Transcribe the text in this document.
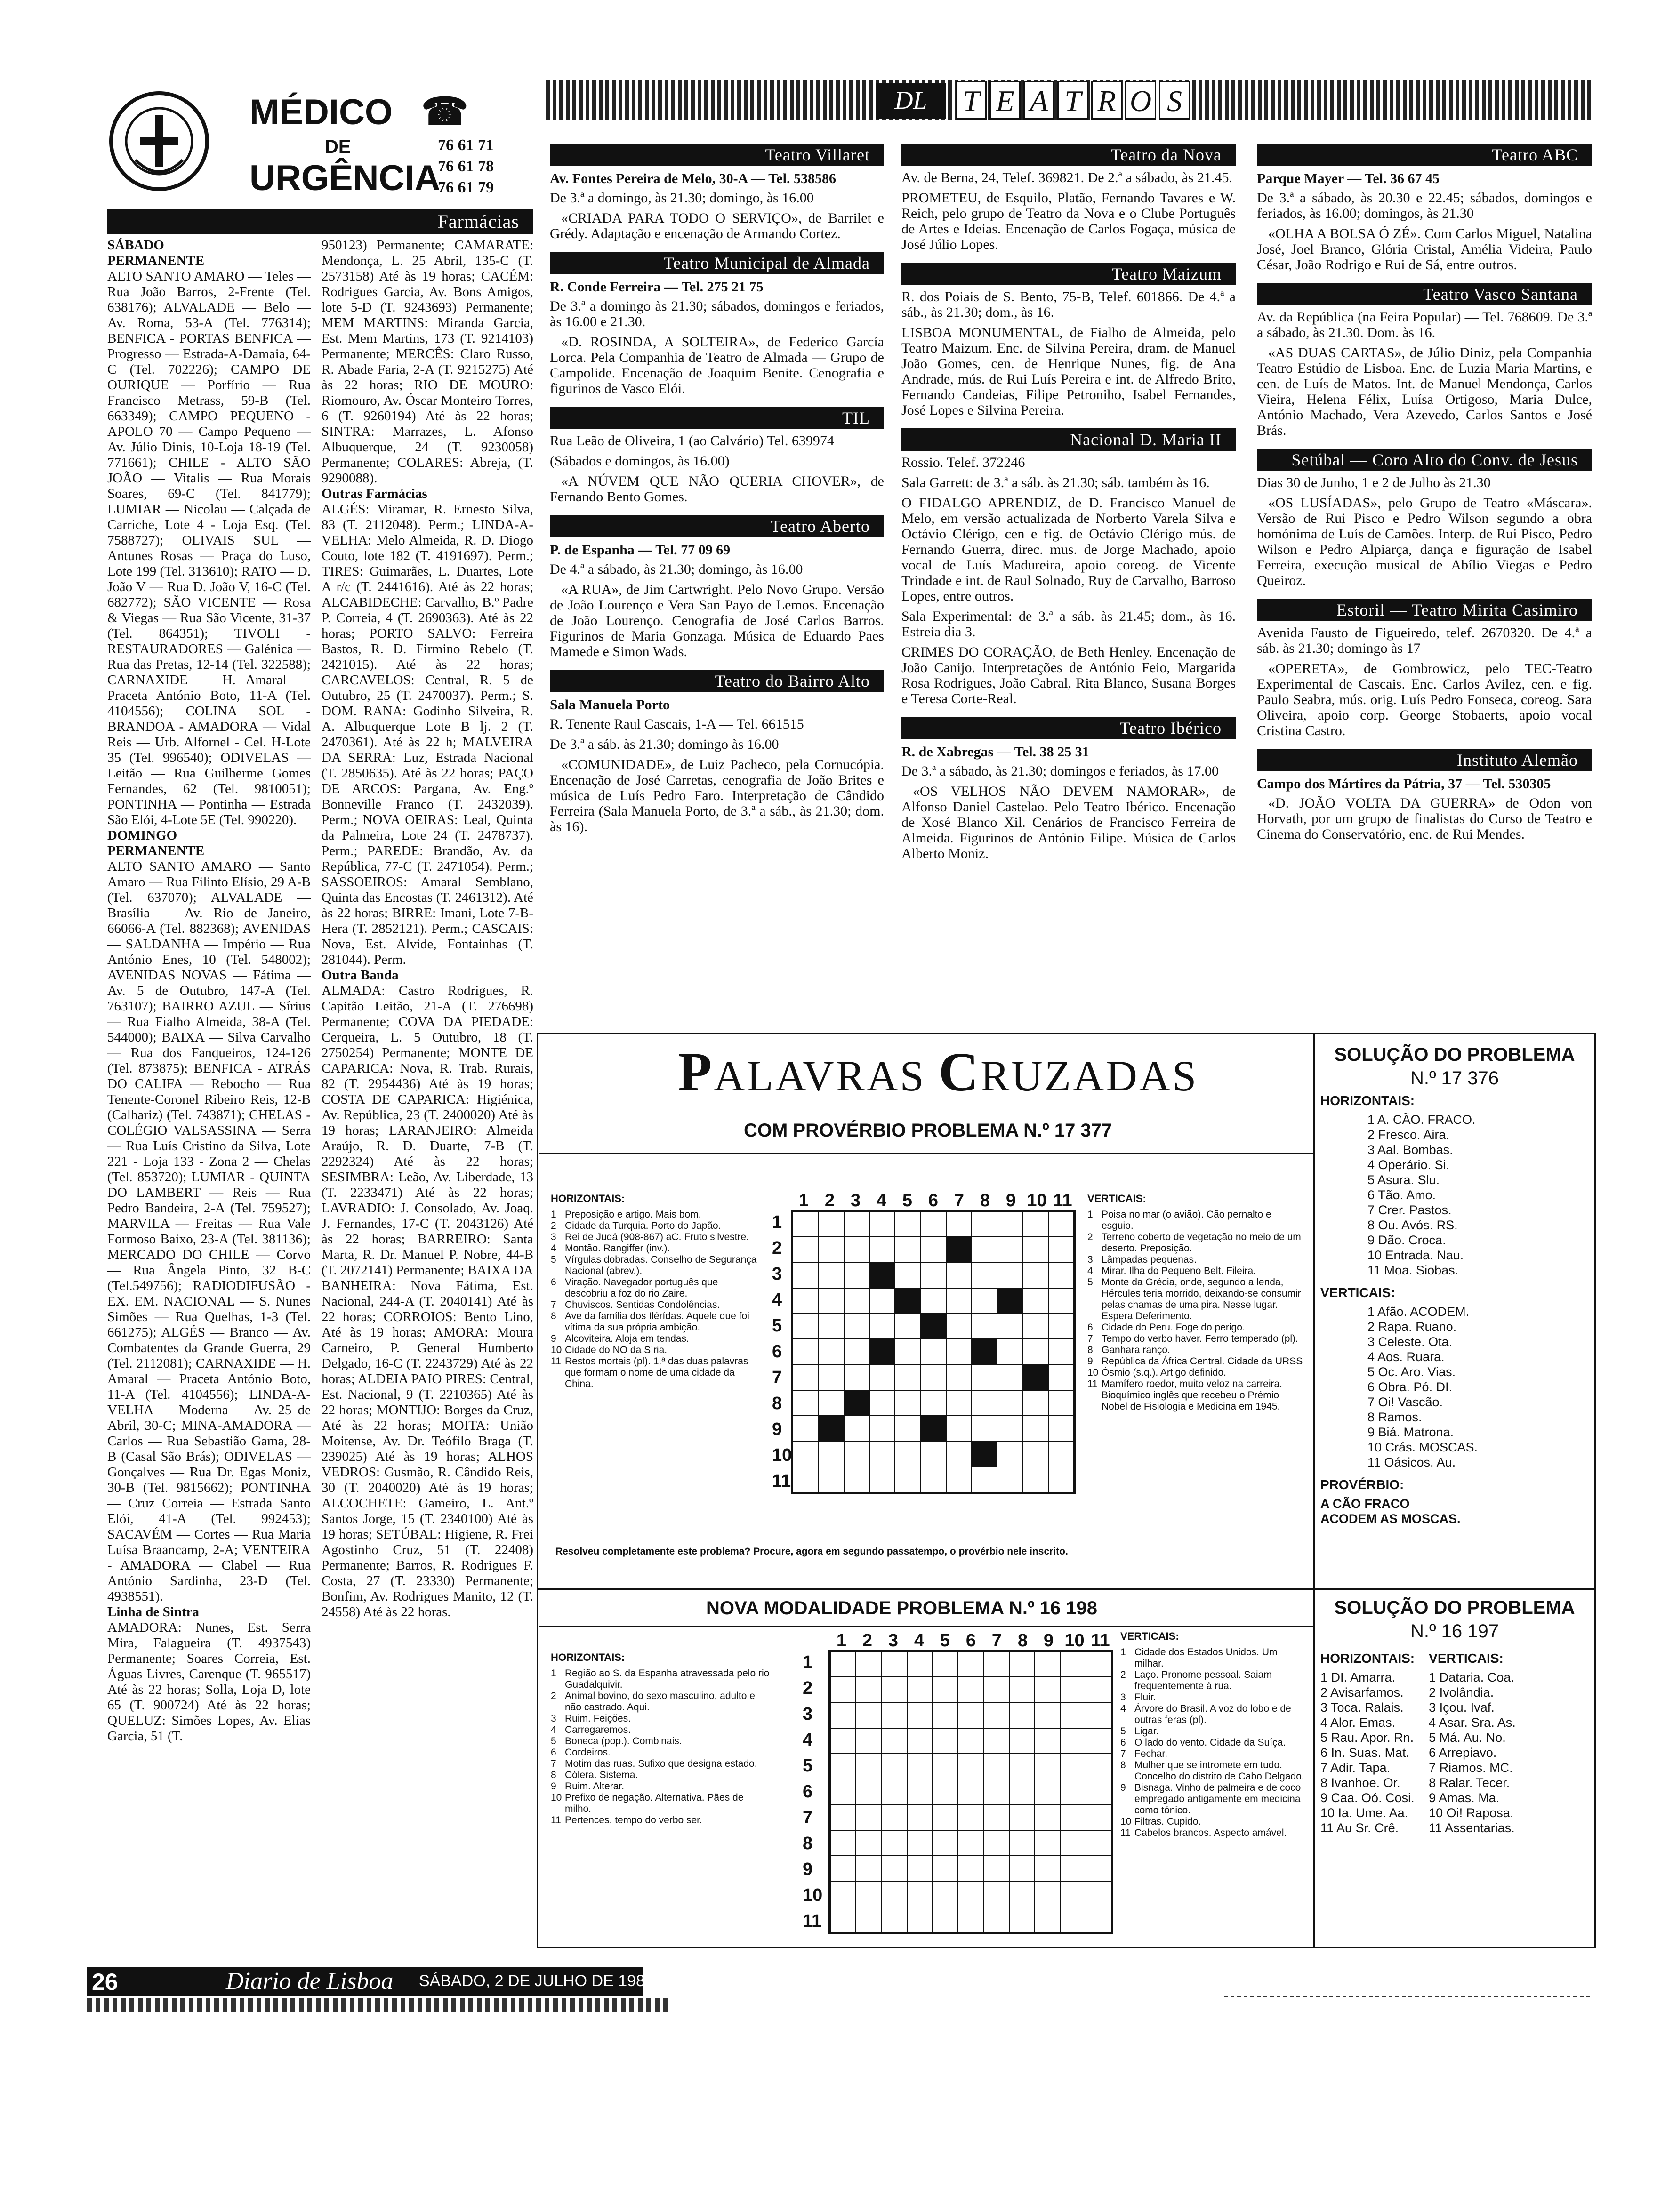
MÉDICO ☎
DE	76 61 71
URGÊNCIA
76 61 78
76 61 79
Farmácias

SÁBADO

PERMANENTE

ALTO SANTO AMARO — Teles — Rua João Barros, 2-Frente (Tel. 638176); ALVALADE — Belo — Av. Roma, 53-A (Tel. 776314); BENFICA - PORTAS BENFICA — Progresso — Estrada-A-Damaia, 64-C (Tel. 702226); CAMPO DE OURIQUE — Porfírio — Rua Francisco Metrass, 59-B (Tel. 663349); CAMPO PEQUENO - APOLO 70 — Campo Pequeno — Av. Júlio Dinis, 10-Loja 18-19 (Tel. 771661); CHILE - ALTO SÃO JOÃO — Vitalis — Rua Morais Soares, 69-C (Tel. 841779); LUMIAR — Nicolau — Calçada de Carriche, Lote 4 - Loja Esq. (Tel. 7588727); OLIVAIS SUL — Antunes Rosas — Praça do Luso, Lote 199 (Tel. 313610); RATO — D. João V — Rua D. João V, 16-C (Tel. 682772); SÃO VICENTE — Rosa & Viegas — Rua São Vicente, 31-37 (Tel. 864351); TIVOLI - RESTAURADORES — Galénica — Rua das Pretas, 12-14 (Tel. 322588); CARNAXIDE — H. Amaral — Praceta António Boto, 11-A (Tel. 4104556); COLINA SOL - BRANDOA - AMADORA — Vidal Reis — Urb. Alfornel - Cel. H-Lote 35 (Tel. 996540); ODIVELAS — Leitão — Rua Guilherme Gomes Fernandes, 62 (Tel. 9810051); PONTINHA — Pontinha — Estrada São Elói, 4-Lote 5E (Tel. 990220).

DOMINGO

PERMANENTE

ALTO SANTO AMARO — Santo Amaro — Rua Filinto Elísio, 29 A-B (Tel. 637070); ALVALADE — Brasília — Av. Rio de Janeiro, 66066-A (Tel. 882368); AVENIDAS — SALDANHA — Império — Rua António Enes, 10 (Tel. 548002); AVENIDAS NOVAS — Fátima — Av. 5 de Outubro, 147-A (Tel. 763107); BAIRRO AZUL — Sírius — Rua Fialho Almeida, 38-A (Tel. 544000); BAIXA — Silva Carvalho — Rua dos Fanqueiros, 124-126 (Tel. 873875); BENFICA - ATRÁS DO CALIFA — Rebocho — Rua Tenente-Coronel Ribeiro Reis, 12-B (Calhariz) (Tel. 743871); CHELAS - COLÉGIO VALSASSINA — Serra — Rua Luís Cristino da Silva, Lote 221 - Loja 133 - Zona 2 — Chelas (Tel. 853720); LUMIAR - QUINTA DO LAMBERT — Reis — Rua Pedro Bandeira, 2-A (Tel. 759527); MARVILA — Freitas — Rua Vale Formoso Baixo, 23-A (Tel. 381136); MERCADO DO CHILE — Corvo — Rua Ângela Pinto, 32 B-C (Tel.549756); RADIODIFUSÃO - EX. EM. NACIONAL — S. Nunes Simões — Rua Quelhas, 1-3 (Tel. 661275); ALGÉS — Branco — Av. Combatentes da Grande Guerra, 29 (Tel. 2112081); CARNAXIDE — H. Amaral — Praceta António Boto, 11-A (Tel. 4104556); LINDA-A-VELHA — Moderna — Av. 25 de Abril, 30-C; MINA-AMADORA — Carlos — Rua Sebastião Gama, 28-B (Casal São Brás); ODIVELAS — Gonçalves — Rua Dr. Egas Moniz, 30-B (Tel. 9815662); PONTINHA — Cruz Correia — Estrada Santo Elói, 41-A (Tel. 992453); SACAVÉM — Cortes — Rua Maria Luísa Braancamp, 2-A; VENTEIRA - AMADORA — Clabel — Rua António Sardinha, 23-D (Tel. 4938551).

Linha de Sintra

AMADORA: Nunes, Est. Serra Mira, Falagueira (T. 4937543) Permanente; Soares Correia, Est. Águas Livres, Carenque (T. 965517) Até às 22 horas; Solla, Loja D, lote 65 (T. 900724) Até às 22 horas; QUELUZ: Simões Lopes, Av. Elias Garcia, 51 (T.

950123) Permanente; CAMARATE: Mendonça, L. 25 Abril, 135-C (T. 2573158) Até às 19 horas; CACÉM: Rodrigues Garcia, Av. Bons Amigos, lote 5-D (T. 9243693) Permanente; MEM MARTINS: Miranda Garcia, Est. Mem Martins, 173 (T. 9214103) Permanente; MERCÊS: Claro Russo, R. Abade Faria, 2-A (T. 9215275) Até às 22 horas; RIO DE MOURO: Riomouro, Av. Óscar Monteiro Torres, 6 (T. 9260194) Até às 22 horas; SINTRA: Marrazes, L. Afonso Albuquerque, 24 (T. 9230058) Permanente; COLARES: Abreja, (T. 9290088).

Outras Farmácias

ALGÉS: Miramar, R. Ernesto Silva, 83 (T. 2112048). Perm.; LINDA-A-VELHA: Melo Almeida, R. D. Diogo Couto, lote 182 (T. 4191697). Perm.; TIRES: Guimarães, L. Duartes, Lote A r/c (T. 2441616). Até às 22 horas; ALCABIDECHE: Carvalho, B.º Padre P. Correia, 4 (T. 2690363). Até às 22 horas; PORTO SALVO: Ferreira Bastos, R. D. Firmino Rebelo (T. 2421015). Até às 22 horas; CARCAVELOS: Central, R. 5 de Outubro, 25 (T. 2470037). Perm.; S. DOM. RANA: Godinho Silveira, R. A. Albuquerque Lote B lj. 2 (T. 2470361). Até às 22 h; MALVEIRA DA SERRA: Luz, Estrada Nacional (T. 2850635). Até às 22 horas; PAÇO DE ARCOS: Pargana, Av. Eng.º Bonneville Franco (T. 2432039). Perm.; NOVA OEIRAS: Leal, Quinta da Palmeira, Lote 24 (T. 2478737). Perm.; PAREDE: Brandão, Av. da República, 77-C (T. 2471054). Perm.; SASSOEIROS: Amaral Semblano, Quinta das Encostas (T. 2461312). Até às 22 horas; BIRRE: Imani, Lote 7-B-Hera (T. 2852121). Perm.; CASCAIS: Nova, Est. Alvide, Fontainhas (T. 281044). Perm.

Outra Banda

ALMADA: Castro Rodrigues, R. Capitão Leitão, 21-A (T. 276698) Permanente; COVA DA PIEDADE: Cerqueira, L. 5 Outubro, 18 (T. 2750254) Permanente; MONTE DE CAPARICA: Nova, R. Trab. Rurais, 82 (T. 2954436) Até às 19 horas; COSTA DE CAPARICA: Higiénica, Av. República, 23 (T. 2400020) Até às 19 horas; LARANJEIRO: Almeida Araújo, R. D. Duarte, 7-B (T. 2292324) Até às 22 horas; SESIMBRA: Leão, Av. Liberdade, 13 (T. 2233471) Até às 22 horas; LAVRADIO: J. Consolado, Av. Joaq. J. Fernandes, 17-C (T. 2043126) Até às 22 horas; BARREIRO: Santa Marta, R. Dr. Manuel P. Nobre, 44-B (T. 2072141) Permanente; BAIXA DA BANHEIRA: Nova Fátima, Est. Nacional, 244-A (T. 2040141) Até às 22 horas; CORROIOS: Bento Lino, Até às 19 horas; AMORA: Moura Carneiro, P. General Humberto Delgado, 16-C (T. 2243729) Até às 22 horas; ALDEIA PAIO PIRES: Central, Est. Nacional, 9 (T. 2210365) Até às 22 horas; MONTIJO: Borges da Cruz, Até às 22 horas; MOITA: União Moitense, Av. Dr. Teófilo Braga (T. 239025) Até às 19 horas; ALHOS VEDROS: Gusmão, R. Cândido Reis, 30 (T. 2040020) Até às 19 horas; ALCOCHETE: Gameiro, L. Ant.º Santos Jorge, 15 (T. 2340100) Até às 19 horas; SETÚBAL: Higiene, R. Frei Agostinho Cruz, 51 (T. 22408) Permanente; Barros, R. Rodrigues F. Costa, 27 (T. 23330) Permanente; Bonfim, Av. Rodrigues Manito, 12 (T. 24558) Até às 22 horas.

DL	T E A T R O S
Teatro Villaret
Av. Fontes Pereira de Melo, 30-A — Tel. 538586

De 3.ª a domingo, às 21.30; domingo, às 16.00

«CRIADA PARA TODO O SERVIÇO», de Barrilet e Grédy. Adaptação e encenação de Armando Cortez.

Teatro Municipal de Almada
R. Conde Ferreira — Tel. 275 21 75

De 3.ª a domingo às 21.30; sábados, domingos e feriados, às 16.00 e 21.30.

«D. ROSINDA, A SOLTEIRA», de Federico García Lorca. Pela Companhia de Teatro de Almada — Grupo de Campolide. Encenação de Joaquim Benite. Cenografia e figurinos de Vasco Elói.

TIL

Rua Leão de Oliveira, 1 (ao Calvário) Tel. 639974

(Sábados e domingos, às 16.00)

«A NÚVEM QUE NÃO QUERIA CHOVER», de Fernando Bento Gomes.

Teatro Aberto
P. de Espanha — Tel. 77 09 69

De 4.ª a sábado, às 21.30; domingo, às 16.00

«A RUA», de Jim Cartwright. Pelo Novo Grupo. Versão de João Lourenço e Vera San Payo de Lemos. Encenação de João Lourenço. Cenografia de José Carlos Barros. Figurinos de Maria Gonzaga. Música de Eduardo Paes Mamede e Simon Wads.

Teatro do Bairro Alto
Sala Manuela Porto

R. Tenente Raul Cascais, 1-A — Tel. 661515

De 3.ª a sáb. às 21.30; domingo às 16.00

«COMUNIDADE», de Luiz Pacheco, pela Cornucópia. Encenação de José Carretas, cenografia de João Brites e música de Luís Pedro Faro. Interpretação de Cândido Ferreira (Sala Manuela Porto, de 3.ª a sáb., às 21.30; dom. às 16).

Teatro da Nova

Av. de Berna, 24, Telef. 369821. De 2.ª a sábado, às 21.45.

PROMETEU, de Esquilo, Platão, Fernando Tavares e W. Reich, pelo grupo de Teatro da Nova e o Clube Português de Artes e Ideias. Encenação de Carlos Fogaça, música de José Júlio Lopes.

Teatro Maizum

R. dos Poiais de S. Bento, 75-B, Telef. 601866. De 4.ª a sáb., às 21.30; dom., às 16.

LISBOA MONUMENTAL, de Fialho de Almeida, pelo Teatro Maizum. Enc. de Silvina Pereira, dram. de Manuel João Gomes, cen. de Henrique Nunes, fig. de Ana Andrade, mús. de Rui Luís Pereira e int. de Alfredo Brito, Fernando Candeias, Filipe Petroniho, Isabel Fernandes, José Lopes e Silvina Pereira.

Nacional D. Maria II

Rossio. Telef. 372246

Sala Garrett: de 3.ª a sáb. às 21.30; sáb. também às 16.

O FIDALGO APRENDIZ, de D. Francisco Manuel de Melo, em versão actualizada de Norberto Varela Silva e Octávio Clérigo, cen e fig. de Octávio Clérigo mús. de Fernando Guerra, direc. mus. de Jorge Machado, apoio vocal de Luís Madureira, apoio coreog. de Vicente Trindade e int. de Raul Solnado, Ruy de Carvalho, Barroso Lopes, entre outros.

Sala Experimental: de 3.ª a sáb. às 21.45; dom., às 16. Estreia dia 3.

CRIMES DO CORAÇÃO, de Beth Henley. Encenação de João Canijo. Interpretações de António Feio, Margarida Rosa Rodrigues, João Cabral, Rita Blanco, Susana Borges e Teresa Corte-Real.

Teatro Ibérico
R. de Xabregas — Tel. 38 25 31

De 3.ª a sábado, às 21.30; domingos e feriados, às 17.00

«OS VELHOS NÃO DEVEM NAMORAR», de Alfonso Daniel Castelao. Pelo Teatro Ibérico. Encenação de Xosé Blanco Xil. Cenários de Francisco Ferreira de Almeida. Figurinos de António Filipe. Música de Carlos Alberto Moniz.

Teatro ABC
Parque Mayer — Tel. 36 67 45

De 3.ª a sábado, às 20.30 e 22.45; sábados, domingos e feriados, às 16.00; domingos, às 21.30

«OLHA A BOLSA Ó ZÉ». Com Carlos Miguel, Natalina José, Joel Branco, Glória Cristal, Amélia Videira, Paulo César, João Rodrigo e Rui de Sá, entre outros.

Teatro Vasco Santana

Av. da República (na Feira Popular) — Tel. 768609. De 3.ª a sábado, às 21.30. Dom. às 16.

«AS DUAS CARTAS», de Júlio Diniz, pela Companhia Teatro Estúdio de Lisboa. Enc. de Luzia Maria Martins, e cen. de Luís de Matos. Int. de Manuel Mendonça, Carlos Vieira, Helena Félix, Luísa Ortigoso, Maria Dulce, António Machado, Vera Azevedo, Carlos Santos e José Brás.

Setúbal — Coro Alto do Conv. de Jesus

Dias 30 de Junho, 1 e 2 de Julho às 21.30

«OS LUSÍADAS», pelo Grupo de Teatro «Máscara». Versão de Rui Pisco e Pedro Wilson segundo a obra homónima de Luís de Camões. Interp. de Rui Pisco, Pedro Wilson e Pedro Alpiarça, dança e figuração de Isabel Ferreira, execução musical de Abílio Viegas e Pedro Queiroz.

Estoril — Teatro Mirita Casimiro

Avenida Fausto de Figueiredo, telef. 2670320. De 4.ª a sáb. às 21.30; domingo às 17

«OPERETA», de Gombrowicz, pelo TEC-Teatro Experimental de Cascais. Enc. Carlos Avilez, cen. e fig. Paulo Seabra, mús. orig. Luís Pedro Fonseca, coreog. Sara Oliveira, apoio corp. George Stobaerts, apoio vocal Cristina Castro.

Instituto Alemão
Campo dos Mártires da Pátria, 37 — Tel. 530305

«D. JOÃO VOLTA DA GUERRA» de Odon von Horvath, por um grupo de finalistas do Curso de Teatro e Cinema do Conservatório, enc. de Rui Mendes.

PALAVRAS CRUZADAS
COM PROVÉRBIO PROBLEMA N.º 17 377
HORIZONTAIS:
1 Preposição e artigo. Mais bom.
2 Cidade da Turquia. Porto do Japão.
3 Rei de Judá (908-867) aC. Fruto silvestre.
4 Montão. Rangiffer (inv.).
5 Vírgulas dobradas. Conselho de Segurança Nacional (abrev.).
6 Viração. Navegador português que descobriu a foz do rio Zaire.
7 Chuviscos. Sentidas Condolências.
8 Ave da família dos Ilérídas. Aquele que foi vítima da sua própria ambição.
9 Alcoviteira. Aloja em tendas.
10 Cidade do NO da Síria.
11 Restos mortais (pl). 1.ª das duas palavras que formam o nome de uma cidade da China.
1 2 3 4 5 6 7 8 9 10 11
1
2
3
4
5
6
7
8
9
10
11
VERTICAIS:
1 Poisa no mar (o avião). Cão pernalto e esguio.
2 Terreno coberto de vegetação no meio de um deserto. Preposição.
3 Lâmpadas pequenas.
4 Mirar. Ilha do Pequeno Belt. Fileira.
5 Monte da Grécia, onde, segundo a lenda, Hércules teria morrido, deixando-se consumir pelas chamas de uma pira. Nesse lugar. Espera Deferimento.
6 Cidade do Peru. Foge do perigo.
7 Tempo do verbo haver. Ferro temperado (pl).
8 Ganhara ranço.
9 República da África Central. Cidade da URSS
10 Ósmio (s.q.). Artigo definido.
11 Mamífero roedor, muito veloz na carreira. Bioquímico inglês que recebeu o Prémio Nobel de Fisiologia e Medicina em 1945.
Resolveu completamente este problema? Procure, agora em segundo passatempo, o provérbio nele inscrito.
SOLUÇÃO DO PROBLEMA
N.º 17 376
HORIZONTAIS:
1 A. CÃO. FRACO.
2 Fresco. Aira.
3 Aal. Bombas.
4 Operário. Si.
5 Asura. Slu.
6 Tão. Amo.
7 Crer. Pastos.
8 Ou. Avós. RS.
9 Dão. Croca.
10 Entrada. Nau.
11 Moa. Siobas.
VERTICAIS:
1 Afão. ACODEM.
2 Rapa. Ruano.
3 Celeste. Ota.
4 Aos. Ruara.
5 Oc. Aro. Vias.
6 Obra. Pó. DI.
7 Oi! Vascão.
8 Ramos.
9 Biá. Matrona.
10 Crás. MOSCAS.
11 Oásicos. Au.
PROVÉRBIO:
A CÃO FRACO
ACODEM AS MOSCAS.
NOVA MODALIDADE PROBLEMA N.º 16 198
HORIZONTAIS:
1 Região ao S. da Espanha atravessada pelo rio Guadalquivir.
2 Animal bovino, do sexo masculino, adulto e não castrado. Aqui.
3 Ruim. Feições.
4 Carregaremos.
5 Boneca (pop.). Combinais.
6 Cordeiros.
7 Motim das ruas. Sufixo que designa estado.
8 Cólera. Sistema.
9 Ruim. Alterar.
10 Prefixo de negação. Alternativa. Pães de milho.
11 Pertences. tempo do verbo ser.
1 2 3 4 5 6 7 8 9 10 11
1
2
3
4
5
6
7
8
9
10
11
VERTICAIS:
1 Cidade dos Estados Unidos. Um milhar.
2 Laço. Pronome pessoal. Saiam frequentemente à rua.
3 Fluir.
4 Árvore do Brasil. A voz do lobo e de outras feras (pl).
5 Ligar.
6 O lado do vento. Cidade da Suíça.
7 Fechar.
8 Mulher que se intromete em tudo. Concelho do distrito de Cabo Delgado.
9 Bisnaga. Vinho de palmeira e de coco empregado antigamente em medicina como tónico.
10 Filtras. Cupido.
11 Cabelos brancos. Aspecto amável.
SOLUÇÃO DO PROBLEMA
N.º 16 197
HORIZONTAIS:
1 DI. Amarra.
2 Avisarfamos.
3 Toca. Ralais.
4 Alor. Emas.
5 Rau. Apor. Rn.
6 In. Suas. Mat.
7 Adir. Tapa.
8 Ivanhoe. Or.
9 Caa. Oó. Cosi.
10 Ia. Ume. Aa.
11 Au Sr. Crê.
VERTICAIS:
1 Dataria. Coa.
2 Ivolândia.
3 Içou. Ivaf.
4 Asar. Sra. As.
5 Má. Au. No.
6 Arrepiavo.
7 Riamos. MC.
8 Ralar. Tecer.
9 Amas. Ma.
10 Oi! Raposa.
11 Assentarias.
26	Diario de Lisboa SÁBADO, 2 DE JULHO DE 1988
